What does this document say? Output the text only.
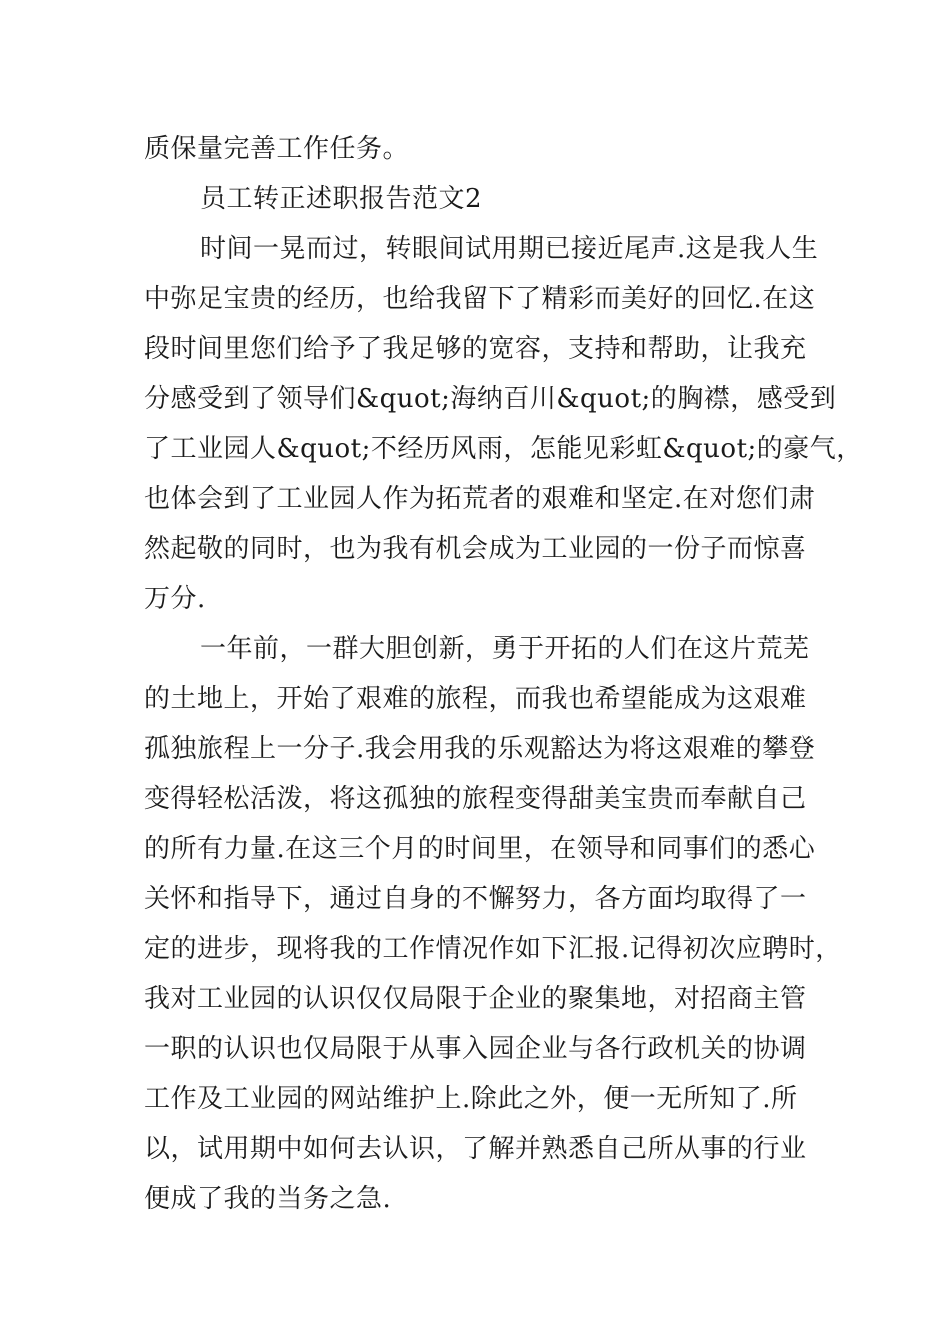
质保量完善工作任务。
员工转正述职报告范文2
时间一晃而过，转眼间试用期已接近尾声.这是我人生
中弥足宝贵的经历，也给我留下了精彩而美好的回忆.在这
段时间里您们给予了我足够的宽容，支持和帮助，让我充
分感受到了领导们&quot;海纳百川&quot;的胸襟，感受到
了工业园人&quot;不经历风雨，怎能见彩虹&quot;的豪气，
也体会到了工业园人作为拓荒者的艰难和坚定.在对您们肃
然起敬的同时，也为我有机会成为工业园的一份子而惊喜
万分.
一年前，一群大胆创新，勇于开拓的人们在这片荒芜
的土地上，开始了艰难的旅程，而我也希望能成为这艰难
孤独旅程上一分子.我会用我的乐观豁达为将这艰难的攀登
变得轻松活泼，将这孤独的旅程变得甜美宝贵而奉献自己
的所有力量.在这三个月的时间里，在领导和同事们的悉心
关怀和指导下，通过自身的不懈努力，各方面均取得了一
定的进步，现将我的工作情况作如下汇报.记得初次应聘时，
我对工业园的认识仅仅局限于企业的聚集地，对招商主管
一职的认识也仅局限于从事入园企业与各行政机关的协调
工作及工业园的网站维护上.除此之外，便一无所知了.所
以，试用期中如何去认识，了解并熟悉自己所从事的行业
便成了我的当务之急.
